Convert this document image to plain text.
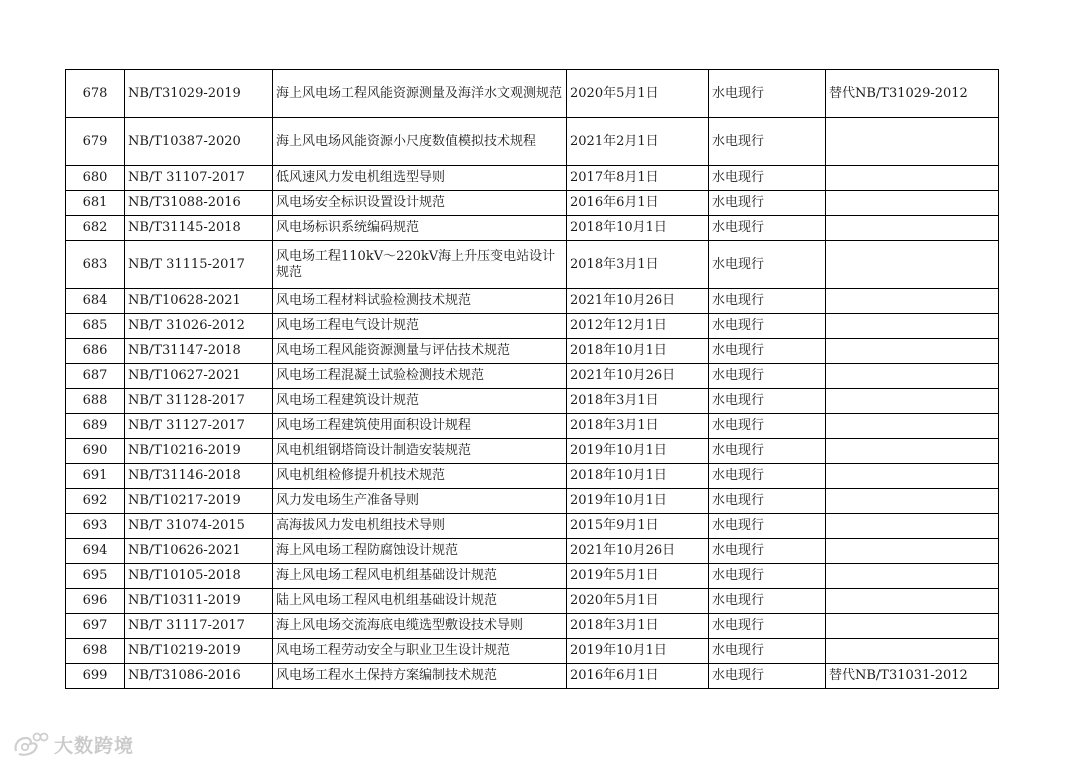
678	NB/T31029-2019	海上风电场工程风能资源测量及海洋水文观测规范	2020年5月1日	水电现行	替代NB/T31029-2012
679	NB/T10387-2020	海上风电场风能资源小尺度数值模拟技术规程	2021年2月1日	水电现行	
680	NB/T 31107-2017	低风速风力发电机组选型导则	2017年8月1日	水电现行	
681	NB/T31088-2016	风电场安全标识设置设计规范	2016年6月1日	水电现行	
682	NB/T31145-2018	风电场标识系统编码规范	2018年10月1日	水电现行	
683	NB/T 31115-2017	风电场工程110kV～220kV海上升压变电站设计规范	2018年3月1日	水电现行	
684	NB/T10628-2021	风电场工程材料试验检测技术规范	2021年10月26日	水电现行	
685	NB/T 31026-2012	风电场工程电气设计规范	2012年12月1日	水电现行	
686	NB/T31147-2018	风电场工程风能资源测量与评估技术规范	2018年10月1日	水电现行	
687	NB/T10627-2021	风电场工程混凝土试验检测技术规范	2021年10月26日	水电现行	
688	NB/T 31128-2017	风电场工程建筑设计规范	2018年3月1日	水电现行	
689	NB/T 31127-2017	风电场工程建筑使用面积设计规程	2018年3月1日	水电现行	
690	NB/T10216-2019	风电机组钢塔筒设计制造安装规范	2019年10月1日	水电现行	
691	NB/T31146-2018	风电机组检修提升机技术规范	2018年10月1日	水电现行	
692	NB/T10217-2019	风力发电场生产准备导则	2019年10月1日	水电现行	
693	NB/T 31074-2015	高海拔风力发电机组技术导则	2015年9月1日	水电现行	
694	NB/T10626-2021	海上风电场工程防腐蚀设计规范	2021年10月26日	水电现行	
695	NB/T10105-2018	海上风电场工程风电机组基础设计规范	2019年5月1日	水电现行	
696	NB/T10311-2019	陆上风电场工程风电机组基础设计规范	2020年5月1日	水电现行	
697	NB/T 31117-2017	海上风电场交流海底电缆选型敷设技术导则	2018年3月1日	水电现行	
698	NB/T10219-2019	风电场工程劳动安全与职业卫生设计规范	2019年10月1日	水电现行	
699	NB/T31086-2016	风电场工程水土保持方案编制技术规范	2016年6月1日	水电现行	替代NB/T31031-2012
大数跨境
